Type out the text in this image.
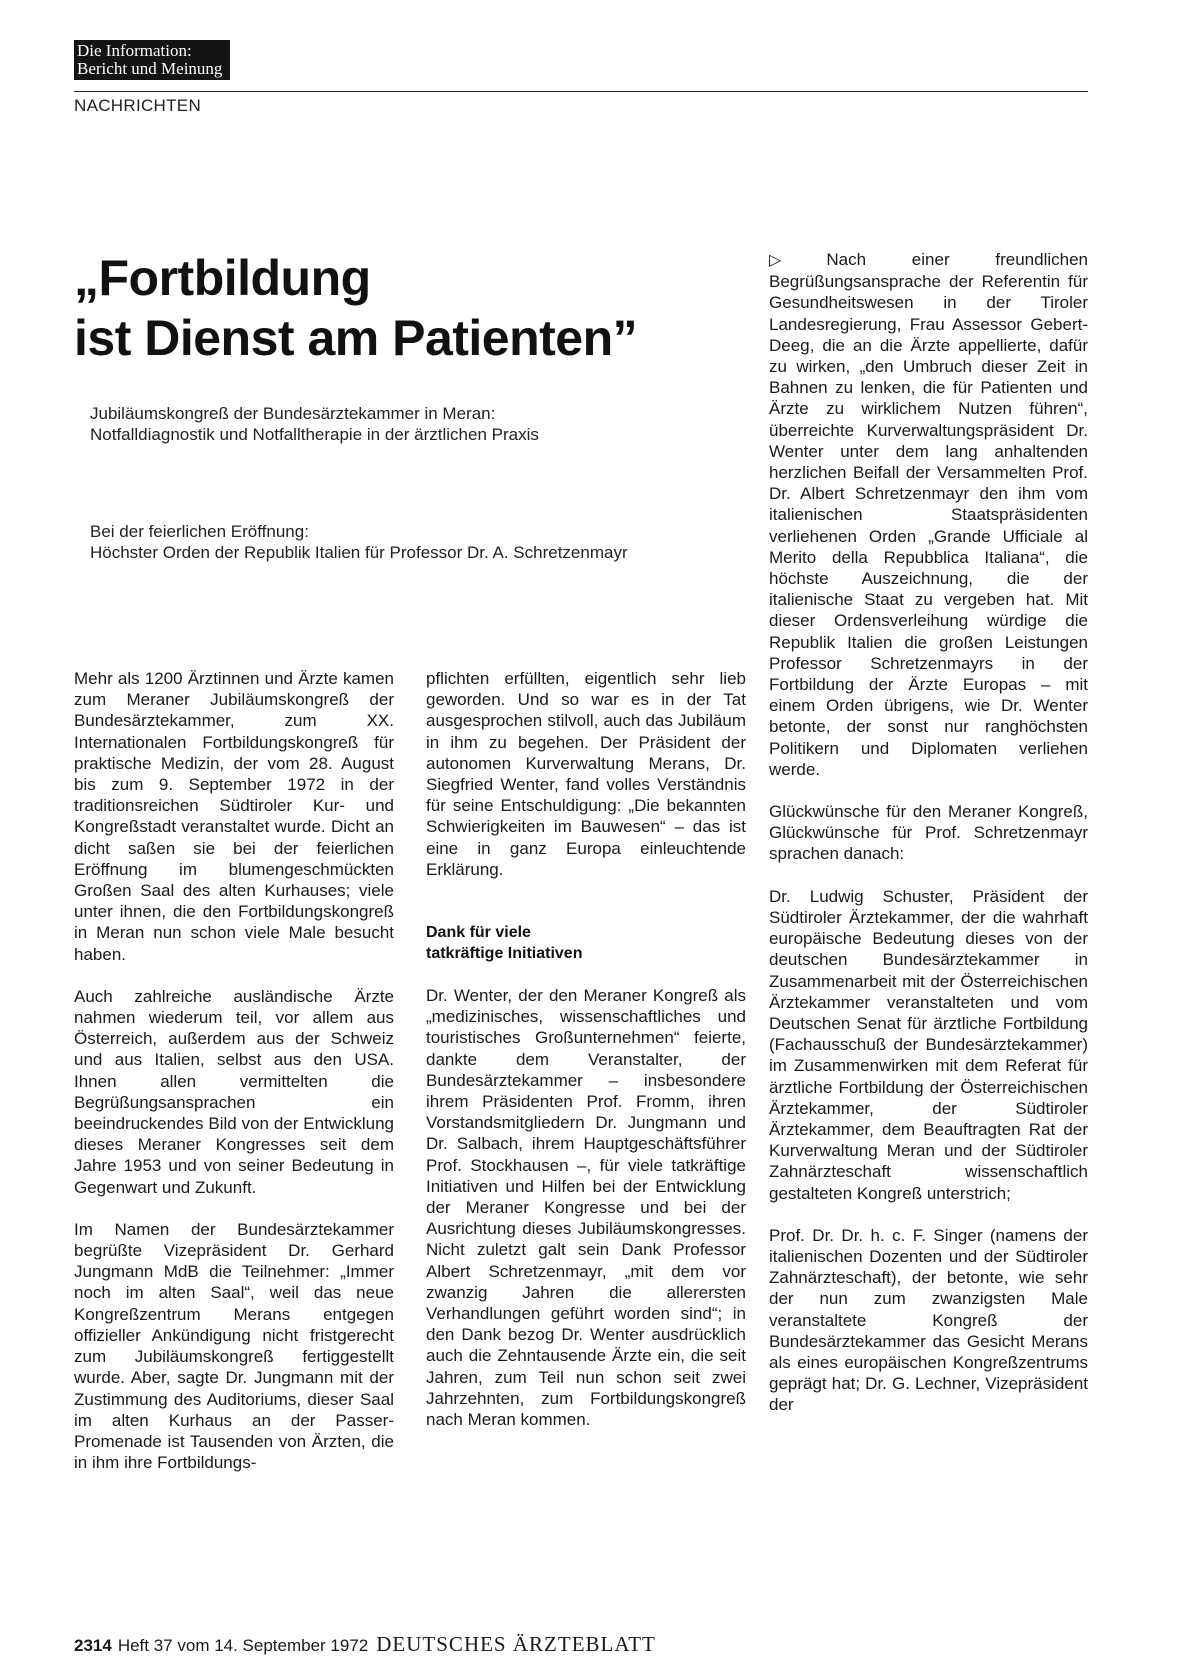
Die Information:
Bericht und Meinung
NACHRICHTEN
„Fortbildung
ist Dienst am Patienten”
Jubiläumskongreß der Bundesärztekammer in Meran:
Notfalldiagnostik und Notfalltherapie in der ärztlichen Praxis
Bei der feierlichen Eröffnung:
Höchster Orden der Republik Italien für Professor Dr. A. Schretzenmayr

Mehr als 1200 Ärztinnen und Ärzte kamen zum Meraner Jubiläumskongreß der Bundesärztekammer, zum XX. Internationalen Fortbildungskongreß für praktische Medizin, der vom 28. August bis zum 9. September 1972 in der traditionsreichen Südtiroler Kur- und Kongreßstadt veranstaltet wurde. Dicht an dicht saßen sie bei der feierlichen Eröffnung im blumengeschmückten Großen Saal des alten Kurhauses; viele unter ihnen, die den Fortbildungskongreß in Meran nun schon viele Male besucht haben.

Auch zahlreiche ausländische Ärzte nahmen wiederum teil, vor allem aus Österreich, außerdem aus der Schweiz und aus Italien, selbst aus den USA. Ihnen allen vermittelten die Begrüßungsansprachen ein beeindruckendes Bild von der Entwicklung dieses Meraner Kongresses seit dem Jahre 1953 und von seiner Bedeutung in Gegenwart und Zukunft.

Im Namen der Bundesärztekammer begrüßte Vizepräsident Dr. Gerhard Jungmann MdB die Teilnehmer: „Immer noch im alten Saal“, weil das neue Kongreßzentrum Merans entgegen offizieller Ankündigung nicht fristgerecht zum Jubiläumskongreß fertiggestellt wurde. Aber, sagte Dr. Jungmann mit der Zustimmung des Auditoriums, dieser Saal im alten Kurhaus an der Passer-Promenade ist Tausenden von Ärzten, die in ihm ihre Fortbildungs-

pflichten erfüllten, eigentlich sehr lieb geworden. Und so war es in der Tat ausgesprochen stilvoll, auch das Jubiläum in ihm zu begehen. Der Präsident der autonomen Kurverwaltung Merans, Dr. Siegfried Wenter, fand volles Verständnis für seine Entschuldigung: „Die bekannten Schwierigkeiten im Bauwesen“ – das ist eine in ganz Europa einleuchtende Erklärung.

Dank für viele
tatkräftige Initiativen

Dr. Wenter, der den Meraner Kongreß als „medizinisches, wissenschaftliches und touristisches Großunternehmen“ feierte, dankte dem Veranstalter, der Bundesärztekammer – insbesondere ihrem Präsidenten Prof. Fromm, ihren Vorstandsmitgliedern Dr. Jungmann und Dr. Salbach, ihrem Hauptgeschäftsführer Prof. Stockhausen –, für viele tatkräftige Initiativen und Hilfen bei der Entwicklung der Meraner Kongresse und bei der Ausrichtung dieses Jubiläumskongresses. Nicht zuletzt galt sein Dank Professor Albert Schretzenmayr, „mit dem vor zwanzig Jahren die allerersten Verhandlungen geführt worden sind“; in den Dank bezog Dr. Wenter ausdrücklich auch die Zehntausende Ärzte ein, die seit Jahren, zum Teil nun schon seit zwei Jahrzehnten, zum Fortbildungskongreß nach Meran kommen.

▷ Nach einer freundlichen Begrüßungsansprache der Referentin für Gesundheitswesen in der Tiroler Landesregierung, Frau Assessor Gebert-Deeg, die an die Ärzte appellierte, dafür zu wirken, „den Umbruch dieser Zeit in Bahnen zu lenken, die für Patienten und Ärzte zu wirklichem Nutzen führen“, überreichte Kurverwaltungspräsident Dr. Wenter unter dem lang anhaltenden herzlichen Beifall der Versammelten Prof. Dr. Albert Schretzenmayr den ihm vom italienischen Staatspräsidenten verliehenen Orden „Grande Ufficiale al Merito della Repubblica Italiana“, die höchste Auszeichnung, die der italienische Staat zu vergeben hat. Mit dieser Ordensverleihung würdige die Republik Italien die großen Leistungen Professor Schretzenmayrs in der Fortbildung der Ärzte Europas – mit einem Orden übrigens, wie Dr. Wenter betonte, der sonst nur ranghöchsten Politikern und Diplomaten verliehen werde.

Glückwünsche für den Meraner Kongreß, Glückwünsche für Prof. Schretzenmayr sprachen danach:

Dr. Ludwig Schuster, Präsident der Südtiroler Ärztekammer, der die wahrhaft europäische Bedeutung dieses von der deutschen Bundesärztekammer in Zusammenarbeit mit der Österreichischen Ärztekammer veranstalteten und vom Deutschen Senat für ärztliche Fortbildung (Fachausschuß der Bundesärztekammer) im Zusammenwirken mit dem Referat für ärztliche Fortbildung der Österreichischen Ärztekammer, der Südtiroler Ärztekammer, dem Beauftragten Rat der Kurverwaltung Meran und der Südtiroler Zahnärzteschaft wissenschaftlich gestalteten Kongreß unterstrich;

Prof. Dr. Dr. h. c. F. Singer (namens der italienischen Dozenten und der Südtiroler Zahnärzteschaft), der betonte, wie sehr der nun zum zwanzigsten Male veranstaltete Kongreß der Bundesärztekammer das Gesicht Merans als eines europäischen Kongreßzentrums geprägt hat; Dr. G. Lechner, Vizepräsident der

2314 Heft 37 vom 14. September 1972 DEUTSCHES ÄRZTEBLATT
